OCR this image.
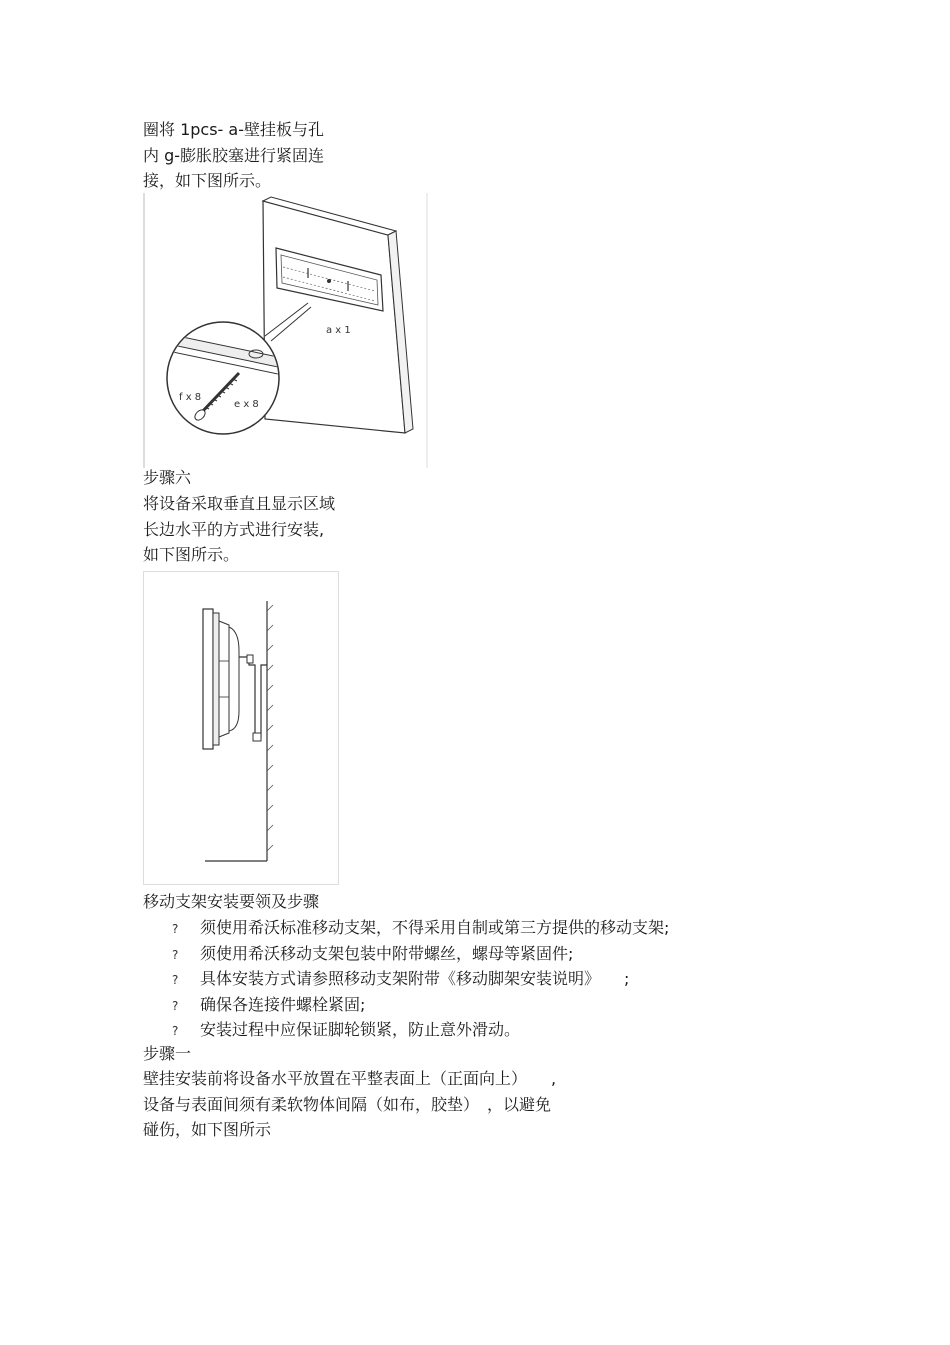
圈将 1pcs- a-壁挂板与孔
内 g-膨胀胶塞进行紧固连
接，如下图所示。
a x 1
f x 8
e x 8
步骤六
将设备采取垂直且显示区域
长边水平的方式进行安装,
如下图所示。
移动支架安装要领及步骤
? 须使用希沃标准移动支架，不得采用自制或第三方提供的移动支架;
? 须使用希沃移动支架包装中附带螺丝，螺母等紧固件;
? 具体安装方式请参照移动支架附带《移动脚架安装说明》　　;
? 确保各连接件螺栓紧固;
? 安装过程中应保证脚轮锁紧，防止意外滑动。
步骤一
壁挂安装前将设备水平放置在平整表面上（正面向上）　　,
设备与表面间须有柔软物体间隔（如布，胶垫）　，以避免
碰伤，如下图所示
